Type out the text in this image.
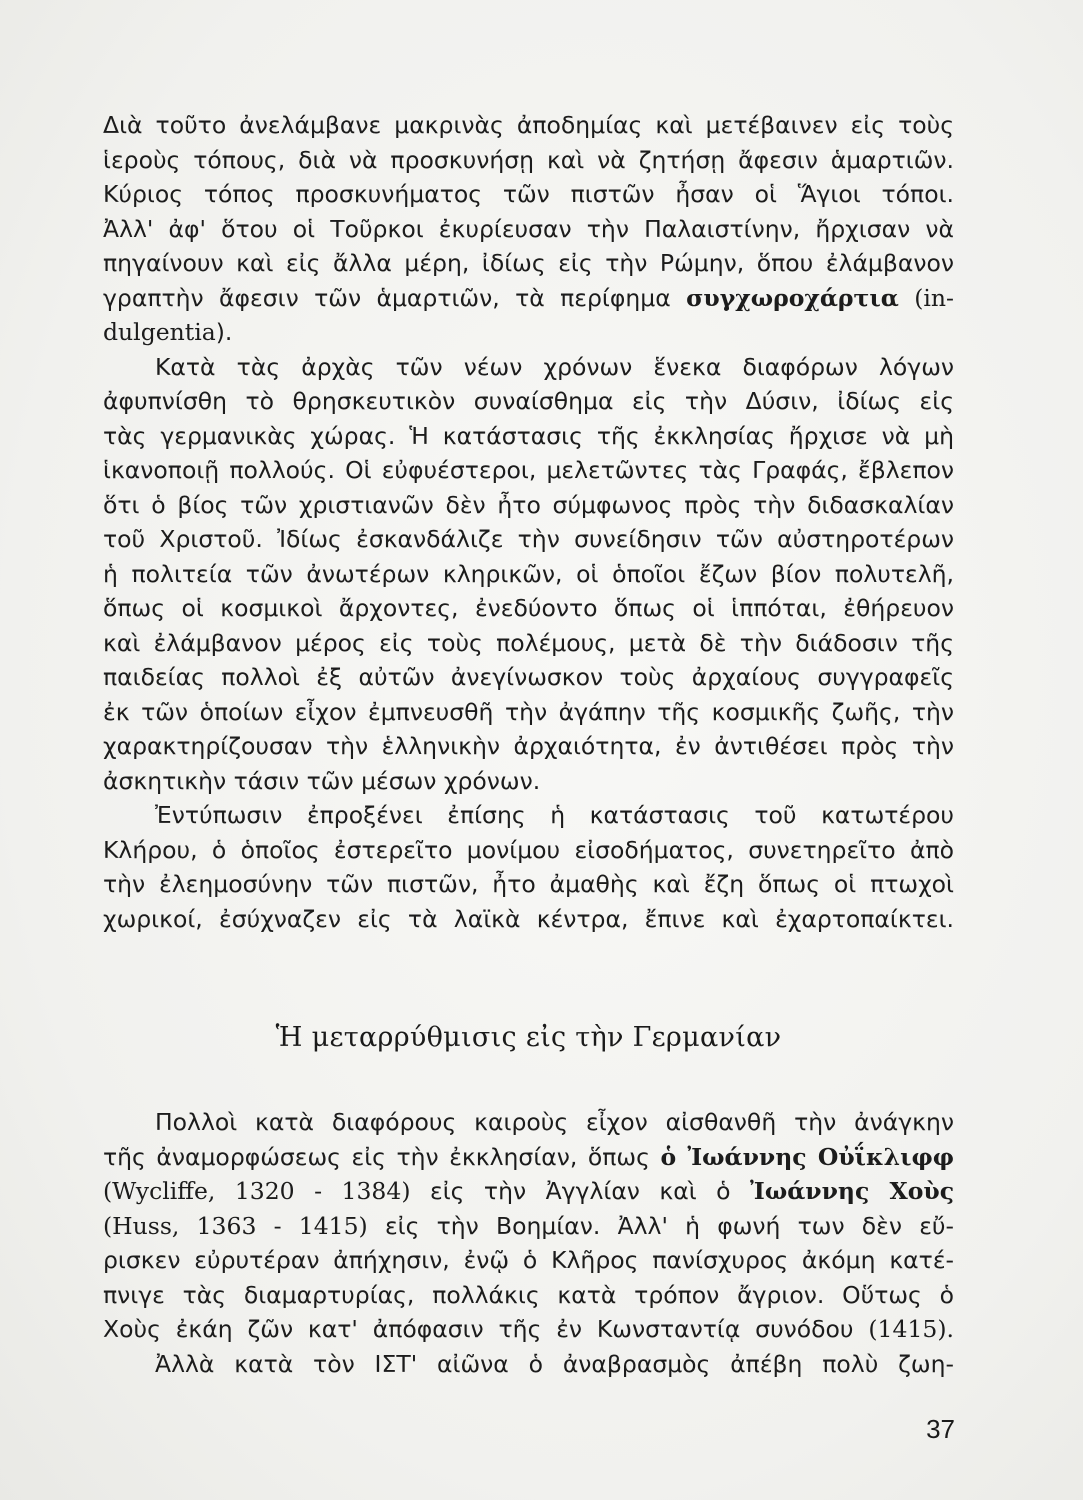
Διὰ τοῦτο ἀνελάμβανε μακρινὰς ἀποδημίας καὶ μετέβαινεν εἰς τοὺς
ἱεροὺς τόπους, διὰ νὰ προσκυνήσῃ καὶ νὰ ζητήσῃ ἄφεσιν ἁμαρτιῶν.
Κύριος τόπος προσκυνήματος τῶν πιστῶν ἦσαν οἱ Ἅγιοι τόποι.
Ἀλλ' ἀφ' ὅτου οἱ Τοῦρκοι ἐκυρίευσαν τὴν Παλαιστίνην, ἤρχισαν νὰ
πηγαίνουν καὶ εἰς ἄλλα μέρη, ἰδίως εἰς τὴν Ρώμην, ὅπου ἐλάμβανον
γραπτὴν ἄφεσιν τῶν ἁμαρτιῶν, τὰ περίφημα συγχωροχάρτια (in-
dulgentia).
Κατὰ τὰς ἀρχὰς τῶν νέων χρόνων ἕνεκα διαφόρων λόγων
ἀφυπνίσθη τὸ θρησκευτικὸν συναίσθημα εἰς τὴν Δύσιν, ἰδίως εἰς
τὰς γερμανικὰς χώρας. Ἡ κατάστασις τῆς ἐκκλησίας ἤρχισε νὰ μὴ
ἱκανοποιῇ πολλούς. Οἱ εὐφυέστεροι, μελετῶντες τὰς Γραφάς, ἔβλεπον
ὅτι ὁ βίος τῶν χριστιανῶν δὲν ἦτο σύμφωνος πρὸς τὴν διδασκαλίαν
τοῦ Χριστοῦ. Ἰδίως ἐσκανδάλιζε τὴν συνείδησιν τῶν αὐστηροτέρων
ἡ πολιτεία τῶν ἀνωτέρων κληρικῶν, οἱ ὁποῖοι ἔζων βίον πολυτελῆ,
ὅπως οἱ κοσμικοὶ ἄρχοντες, ἐνεδύοντο ὅπως οἱ ἱππόται, ἐθήρευον
καὶ ἐλάμβανον μέρος εἰς τοὺς πολέμους, μετὰ δὲ τὴν διάδοσιν τῆς
παιδείας πολλοὶ ἐξ αὐτῶν ἀνεγίνωσκον τοὺς ἀρχαίους συγγραφεῖς
ἐκ τῶν ὁποίων εἶχον ἐμπνευσθῆ τὴν ἀγάπην τῆς κοσμικῆς ζωῆς, τὴν
χαρακτηρίζουσαν τὴν ἑλληνικὴν ἀρχαιότητα, ἐν ἀντιθέσει πρὸς τὴν
ἀσκητικὴν τάσιν τῶν μέσων χρόνων.
Ἐντύπωσιν ἐπροξένει ἐπίσης ἡ κατάστασις τοῦ κατωτέρου
Κλήρου, ὁ ὁποῖος ἐστερεῖτο μονίμου εἰσοδήματος, συνετηρεῖτο ἀπὸ
τὴν ἐλεημοσύνην τῶν πιστῶν, ἦτο ἀμαθὴς καὶ ἔζη ὅπως οἱ πτωχοὶ
χωρικοί, ἐσύχναζεν εἰς τὰ λαϊκὰ κέντρα, ἔπινε καὶ ἐχαρτοπαίκτει.
Ἡ μεταρρύθμισις εἰς τὴν Γερμανίαν
Πολλοὶ κατὰ διαφόρους καιροὺς εἶχον αἰσθανθῆ τὴν ἀνάγκην
τῆς ἀναμορφώσεως εἰς τὴν ἐκκλησίαν, ὅπως ὁ Ἰωάννης Οὐΐκλιφφ
(Wycliffe, 1320 - 1384) εἰς τὴν Ἀγγλίαν καὶ ὁ Ἰωάννης Χοὺς
(Huss, 1363 - 1415) εἰς τὴν Βοημίαν. Ἀλλ' ἡ φωνή των δὲν εὔ-
ρισκεν εὐρυτέραν ἀπήχησιν, ἐνῷ ὁ Κλῆρος πανίσχυρος ἀκόμη κατέ-
πνιγε τὰς διαμαρτυρίας, πολλάκις κατὰ τρόπον ἄγριον. Οὕτως ὁ
Χοὺς ἐκάη ζῶν κατ' ἀπόφασιν τῆς ἐν Κωνσταντίᾳ συνόδου (1415).
Ἀλλὰ κατὰ τὸν ΙΣΤ' αἰῶνα ὁ ἀναβρασμὸς ἀπέβη πολὺ ζωη-
37
